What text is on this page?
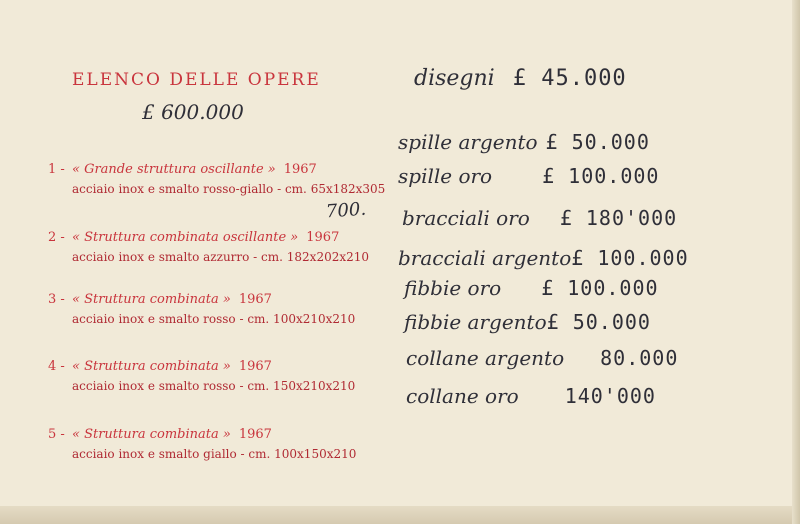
ELENCO DELLE OPERE
£ 600.000
1 - « Grande struttura oscillante » 1967
acciaio inox e smalto rosso-giallo - cm. 65x182x305
2 - « Struttura combinata oscillante » 1967
acciaio inox e smalto azzurro - cm. 182x202x210
3 - « Struttura combinata » 1967
acciaio inox e smalto rosso - cm. 100x210x210
4 - « Struttura combinata » 1967
acciaio inox e smalto rosso - cm. 150x210x210
5 - « Struttura combinata » 1967
acciaio inox e smalto giallo - cm. 100x150x210
700.
disegni £ 45.000
spille argento £ 50.000
spille oro	£ 100.000
bracciali oro £ 180'000
bracciali argento £ 100.000
fibbie oro £ 100.000
fibbie argento £ 50.000
collane argento 80.000
collane oro 140'000
